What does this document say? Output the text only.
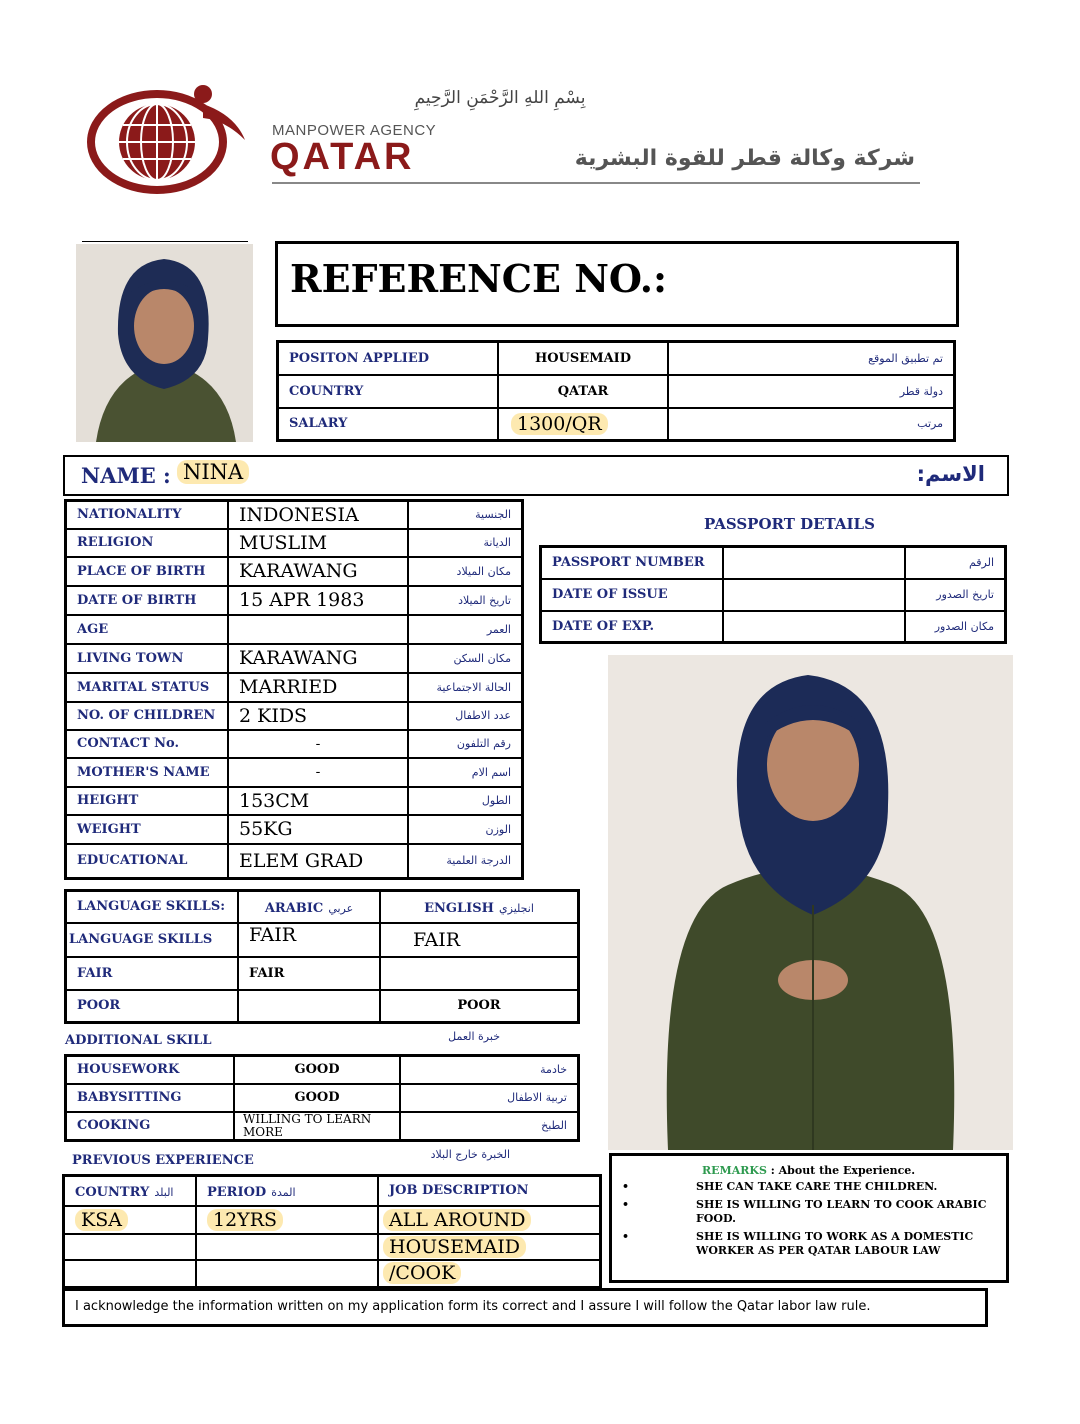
بِسْمِ اللهِ الرَّحْمَنِ الرَّحِيمِ
MANPOWER AGENCY
QATAR	شركة وكالة قطر للقوة البشرية
REFERENCE NO.:
POSITON APPLIED	HOUSEMAID	تم تطبيق الموقع
COUNTRY	QATAR	دولة قطر
SALARY	1300/QR	مرتب
NAME : NINA	الاسم:
NATIONALITY	INDONESIA	الجنسية
RELIGION	MUSLIM	الديانة
PLACE OF BIRTH	KARAWANG	مكان الميلاد
DATE OF BIRTH	15 APR 1983	تاريخ الميلاد
AGE		العمر
LIVING TOWN	KARAWANG	مكان السكن
MARITAL STATUS	MARRIED	الحالة الاجتماعية
NO. OF CHILDREN	2 KIDS	عدد الاطفال
CONTACT No.	-	رقم التلفون
MOTHER'S NAME	-	اسم الام
HEIGHT	153CM	الطول
WEIGHT	55KG	الوزن
EDUCATIONAL	ELEM GRAD	الدرجة العلمية
PASSPORT DETAILS
PASSPORT NUMBER		الرقم
DATE OF ISSUE		تاريخ الصدور
DATE OF EXP.		مكان الصدور
LANGUAGE SKILLS:	ARABIC عربي	ENGLISH انجليزي
LANGUAGE SKILLS	FAIR	FAIR
FAIR	FAIR	
POOR		POOR
ADDITIONAL SKILL	خبرة العمل
HOUSEWORK	GOOD	خادمة
BABYSITTING	GOOD	تربية الاطفال
COOKING	WILLING TO LEARN MORE	الطبخ
PREVIOUS EXPERIENCE	الخبرة خارج البلاد
COUNTRY البلد	PERIOD المدة	JOB DESCRIPTION
KSA	12YRS	ALL AROUND
		HOUSEMAID
		/COOK
REMARKS : About the Experience.
•	SHE CAN TAKE CARE THE CHILDREN.
•	SHE IS WILLING TO LEARN TO COOK ARABIC FOOD.
•	SHE IS WILLING TO WORK AS A DOMESTIC WORKER AS PER QATAR LABOUR LAW
I acknowledge the information written on my application form its correct and I assure I will follow the Qatar labor law rule.
